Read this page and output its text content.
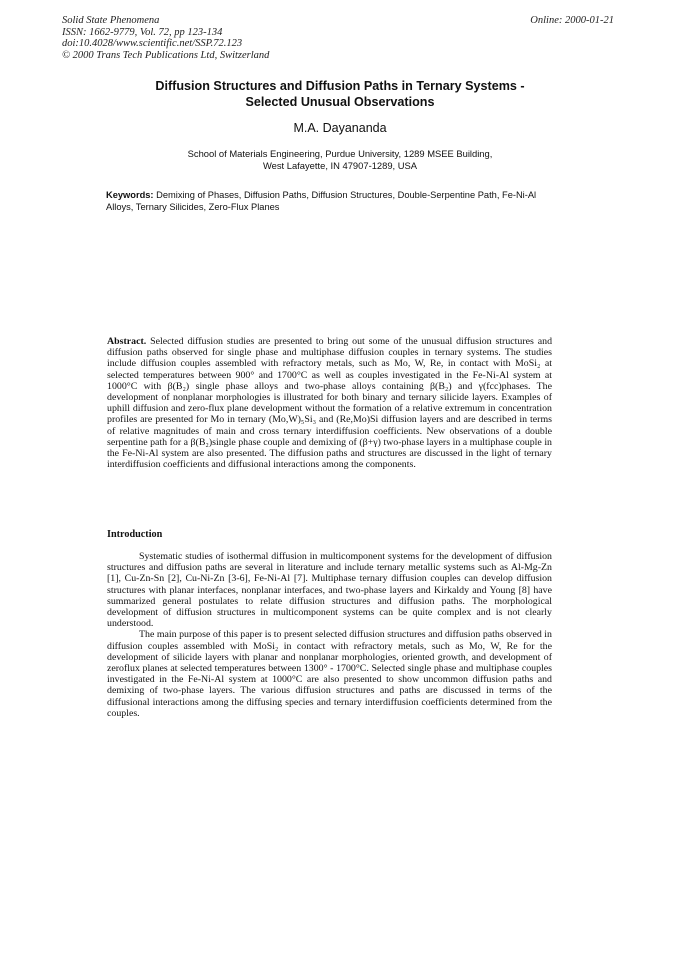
Solid State Phenomena
ISSN: 1662-9779, Vol. 72, pp 123-134
doi:10.4028/www.scientific.net/SSP.72.123
© 2000 Trans Tech Publications Ltd, Switzerland
Online: 2000-01-21
Diffusion Structures and Diffusion Paths in Ternary Systems -
Selected Unusual Observations
M.A. Dayananda
School of Materials Engineering, Purdue University, 1289 MSEE Building,
West Lafayette, IN 47907-1289, USA
Keywords: Demixing of Phases, Diffusion Paths, Diffusion Structures, Double-Serpentine Path, Fe-Ni-Al Alloys, Ternary Silicides, Zero-Flux Planes
Abstract. Selected diffusion studies are presented to bring out some of the unusual diffusion structures and diffusion paths observed for single phase and multiphase diffusion couples in ternary systems. The studies include diffusion couples assembled with refractory metals, such as Mo, W, Re, in contact with MoSi₂ at selected temperatures between 900° and 1700°C as well as couples investigated in the Fe-Ni-Al system at 1000°C with β(B₂) single phase alloys and two-phase alloys containing β(B₂) and γ(fcc)phases. The development of nonplanar morphologies is illustrated for both binary and ternary silicide layers. Examples of uphill diffusion and zero-flux plane development without the formation of a relative extremum in concentration profiles are presented for Mo in ternary (Mo,W)₅Si₃ and (Re,Mo)Si diffusion layers and are described in terms of relative magnitudes of main and cross ternary interdiffusion coefficients. New observations of a double serpentine path for a β(B₂)single phase couple and demixing of (β+γ) two-phase layers in a multiphase couple in the Fe-Ni-Al system are also presented. The diffusion paths and structures are discussed in the light of ternary interdiffusion coefficients and diffusional interactions among the components.
Introduction

Systematic studies of isothermal diffusion in multicomponent systems for the development of diffusion structures and diffusion paths are several in literature and include ternary metallic systems such as Al-Mg-Zn [1], Cu-Zn-Sn [2], Cu-Ni-Zn [3-6], Fe-Ni-Al [7]. Multiphase ternary diffusion couples can develop diffusion structures with planar interfaces, nonplanar interfaces, and two-phase layers and Kirkaldy and Young [8] have summarized general postulates to relate diffusion structures and diffusion paths. The morphological development of diffusion structures in multicomponent systems can be quite complex and is not clearly understood.

The main purpose of this paper is to present selected diffusion structures and diffusion paths observed in diffusion couples assembled with MoSi₂ in contact with refractory metals, such as Mo, W, Re for the development of silicide layers with planar and nonplanar morphologies, oriented growth, and development of zeroflux planes at selected temperatures between 1300° - 1700°C. Selected single phase and multiphase couples investigated in the Fe-Ni-Al system at 1000°C are also presented to show uncommon diffusion paths and demixing of two-phase layers. The various diffusion structures and paths are discussed in terms of the diffusional interactions among the diffusing species and ternary interdiffusion coefficients determined from the couples.
